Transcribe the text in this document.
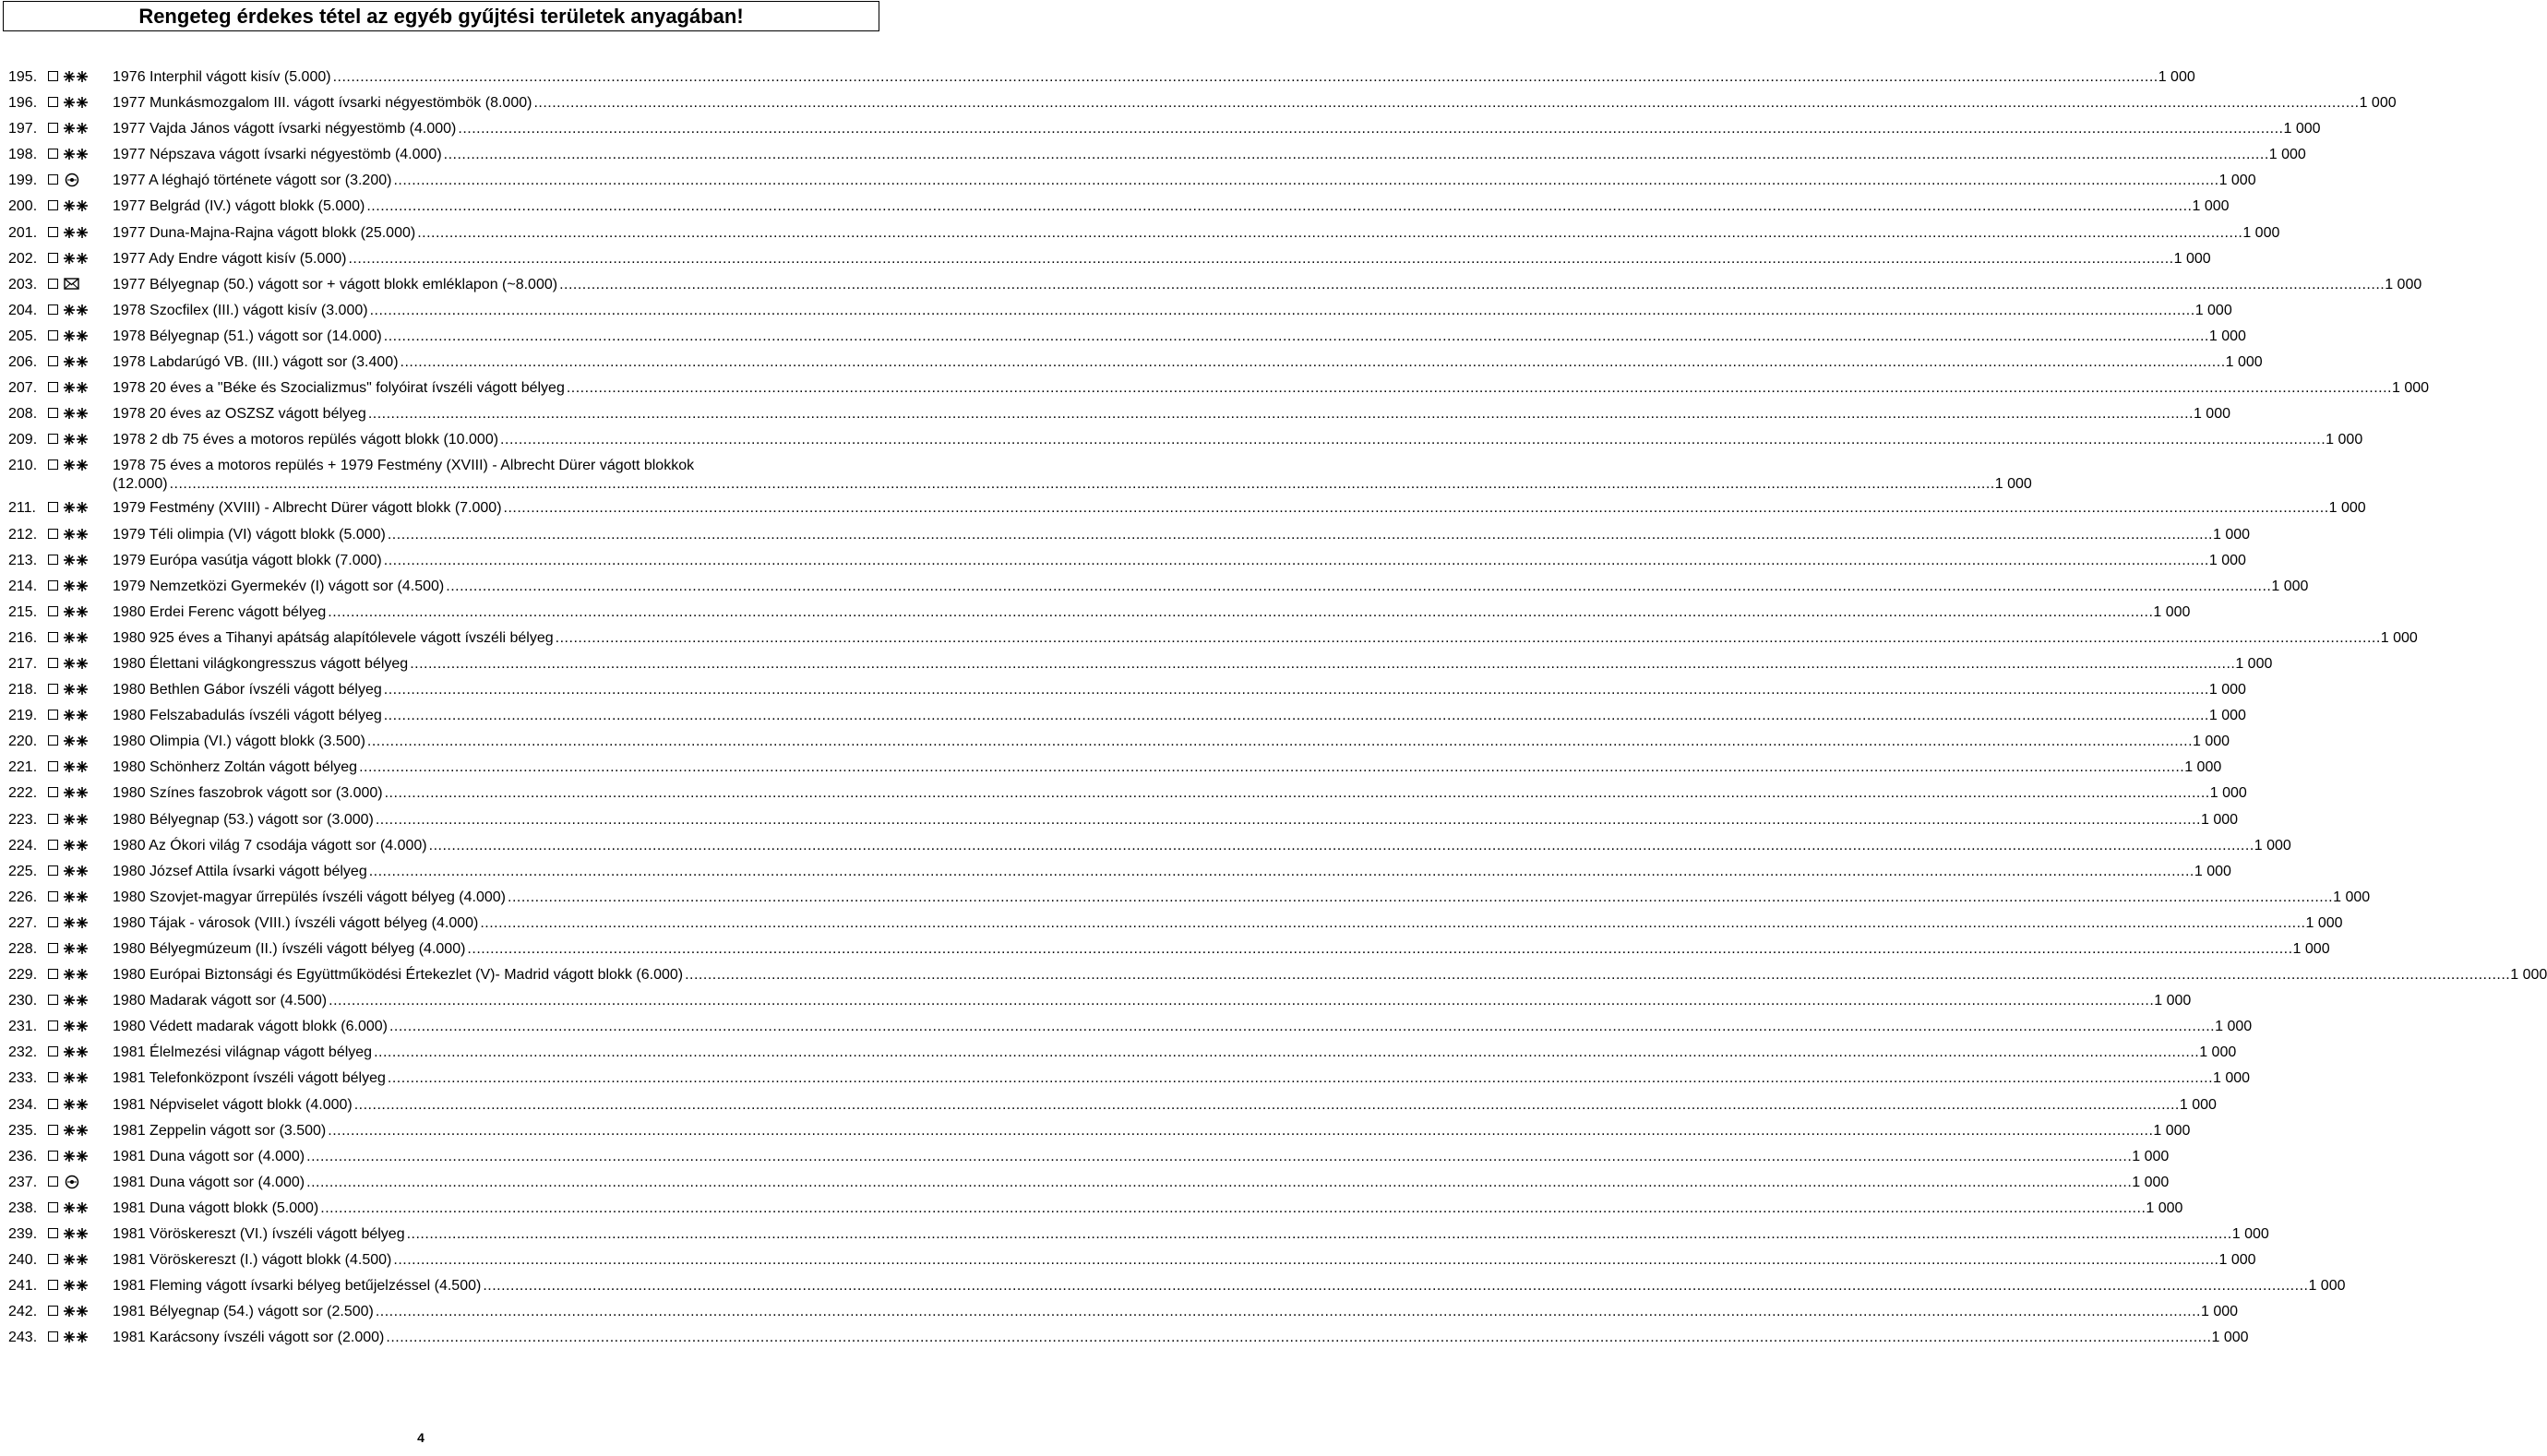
Rengeteg érdekes tétel az egyéb gyűjtési területek anyagában!
195.	1976 Interphil vágott kisív (5.000) ................................................................................................................................................................................................................................................................................................................................................................................................................ 1 000
196.	1977 Munkásmozgalom III. vágott ívsarki négyestömbök (8.000) ................................................................................................................................................................................................................................................................................................................................................................................................................ 1 000
197.	1977 Vajda János vágott ívsarki négyestömb (4.000) ................................................................................................................................................................................................................................................................................................................................................................................................................ 1 000
198.	1977 Népszava vágott ívsarki négyestömb (4.000) ................................................................................................................................................................................................................................................................................................................................................................................................................ 1 000
199.	1977 A léghajó története vágott sor (3.200) ................................................................................................................................................................................................................................................................................................................................................................................................................ 1 000
200.	1977 Belgrád (IV.) vágott blokk (5.000) ................................................................................................................................................................................................................................................................................................................................................................................................................ 1 000
201.	1977 Duna-Majna-Rajna vágott blokk (25.000) ................................................................................................................................................................................................................................................................................................................................................................................................................ 1 000
202.	1977 Ady Endre vágott kisív (5.000) ................................................................................................................................................................................................................................................................................................................................................................................................................ 1 000
203.	1977 Bélyegnap (50.) vágott sor + vágott blokk emléklapon (~8.000) ................................................................................................................................................................................................................................................................................................................................................................................................................ 1 000
204.	1978 Szocfilex (III.) vágott kisív (3.000) ................................................................................................................................................................................................................................................................................................................................................................................................................ 1 000
205.	1978 Bélyegnap (51.) vágott sor (14.000) ................................................................................................................................................................................................................................................................................................................................................................................................................ 1 000
206.	1978 Labdarúgó VB. (III.) vágott sor (3.400) ................................................................................................................................................................................................................................................................................................................................................................................................................ 1 000
207.	1978 20 éves a "Béke és Szocializmus" folyóirat ívszéli vágott bélyeg ................................................................................................................................................................................................................................................................................................................................................................................................................ 1 000
208.	1978 20 éves az OSZSZ vágott bélyeg ................................................................................................................................................................................................................................................................................................................................................................................................................ 1 000
209.	1978 2 db 75 éves a motoros repülés vágott blokk (10.000) ................................................................................................................................................................................................................................................................................................................................................................................................................ 1 000
210.	1978 75 éves a motoros repülés + 1979 Festmény (XVIII) - Albrecht Dürer vágott blokkok
(12.000) ................................................................................................................................................................................................................................................................................................................................................................................................................ 1 000
211.	1979 Festmény (XVIII) - Albrecht Dürer vágott blokk (7.000) ................................................................................................................................................................................................................................................................................................................................................................................................................ 1 000
212.	1979 Téli olimpia (VI) vágott blokk (5.000) ................................................................................................................................................................................................................................................................................................................................................................................................................ 1 000
213.	1979 Európa vasútja vágott blokk (7.000) ................................................................................................................................................................................................................................................................................................................................................................................................................ 1 000
214.	1979 Nemzetközi Gyermekév (I) vágott sor (4.500) ................................................................................................................................................................................................................................................................................................................................................................................................................ 1 000
215.	1980 Erdei Ferenc vágott bélyeg ................................................................................................................................................................................................................................................................................................................................................................................................................ 1 000
216.	1980 925 éves a Tihanyi apátság alapítólevele vágott ívszéli bélyeg ................................................................................................................................................................................................................................................................................................................................................................................................................ 1 000
217.	1980 Élettani világkongresszus vágott bélyeg ................................................................................................................................................................................................................................................................................................................................................................................................................ 1 000
218.	1980 Bethlen Gábor ívszéli vágott bélyeg ................................................................................................................................................................................................................................................................................................................................................................................................................ 1 000
219.	1980 Felszabadulás ívszéli vágott bélyeg ................................................................................................................................................................................................................................................................................................................................................................................................................ 1 000
220.	1980 Olimpia (VI.) vágott blokk (3.500) ................................................................................................................................................................................................................................................................................................................................................................................................................ 1 000
221.	1980 Schönherz Zoltán vágott bélyeg ................................................................................................................................................................................................................................................................................................................................................................................................................ 1 000
222.	1980 Színes faszobrok vágott sor (3.000) ................................................................................................................................................................................................................................................................................................................................................................................................................ 1 000
223.	1980 Bélyegnap (53.) vágott sor (3.000) ................................................................................................................................................................................................................................................................................................................................................................................................................ 1 000
224.	1980 Az Ókori világ 7 csodája vágott sor (4.000) ................................................................................................................................................................................................................................................................................................................................................................................................................ 1 000
225.	1980 József Attila ívsarki vágott bélyeg ................................................................................................................................................................................................................................................................................................................................................................................................................ 1 000
226.	1980 Szovjet-magyar űrrepülés ívszéli vágott bélyeg (4.000) ................................................................................................................................................................................................................................................................................................................................................................................................................ 1 000
227.	1980 Tájak - városok (VIII.) ívszéli vágott bélyeg (4.000) ................................................................................................................................................................................................................................................................................................................................................................................................................ 1 000
228.	1980 Bélyegmúzeum (II.) ívszéli vágott bélyeg (4.000) ................................................................................................................................................................................................................................................................................................................................................................................................................ 1 000
229.	1980 Európai Biztonsági és Együttműködési Értekezlet (V)- Madrid vágott blokk (6.000) ................................................................................................................................................................................................................................................................................................................................................................................................................ 1 000
230.	1980 Madarak vágott sor (4.500) ................................................................................................................................................................................................................................................................................................................................................................................................................ 1 000
231.	1980 Védett madarak vágott blokk (6.000) ................................................................................................................................................................................................................................................................................................................................................................................................................ 1 000
232.	1981 Élelmezési világnap vágott bélyeg ................................................................................................................................................................................................................................................................................................................................................................................................................ 1 000
233.	1981 Telefonközpont ívszéli vágott bélyeg ................................................................................................................................................................................................................................................................................................................................................................................................................ 1 000
234.	1981 Népviselet vágott blokk (4.000) ................................................................................................................................................................................................................................................................................................................................................................................................................ 1 000
235.	1981 Zeppelin vágott sor (3.500) ................................................................................................................................................................................................................................................................................................................................................................................................................ 1 000
236.	1981 Duna vágott sor (4.000) ................................................................................................................................................................................................................................................................................................................................................................................................................ 1 000
237.	1981 Duna vágott sor (4.000) ................................................................................................................................................................................................................................................................................................................................................................................................................ 1 000
238.	1981 Duna vágott blokk (5.000) ................................................................................................................................................................................................................................................................................................................................................................................................................ 1 000
239.	1981 Vöröskereszt (VI.) ívszéli vágott bélyeg ................................................................................................................................................................................................................................................................................................................................................................................................................ 1 000
240.	1981 Vöröskereszt (I.) vágott blokk (4.500) ................................................................................................................................................................................................................................................................................................................................................................................................................ 1 000
241.	1981 Fleming vágott ívsarki bélyeg betűjelzéssel (4.500) ................................................................................................................................................................................................................................................................................................................................................................................................................ 1 000
242.	1981 Bélyegnap (54.) vágott sor (2.500) ................................................................................................................................................................................................................................................................................................................................................................................................................ 1 000
243.	1981 Karácsony ívszéli vágott sor (2.000) ................................................................................................................................................................................................................................................................................................................................................................................................................ 1 000
4
